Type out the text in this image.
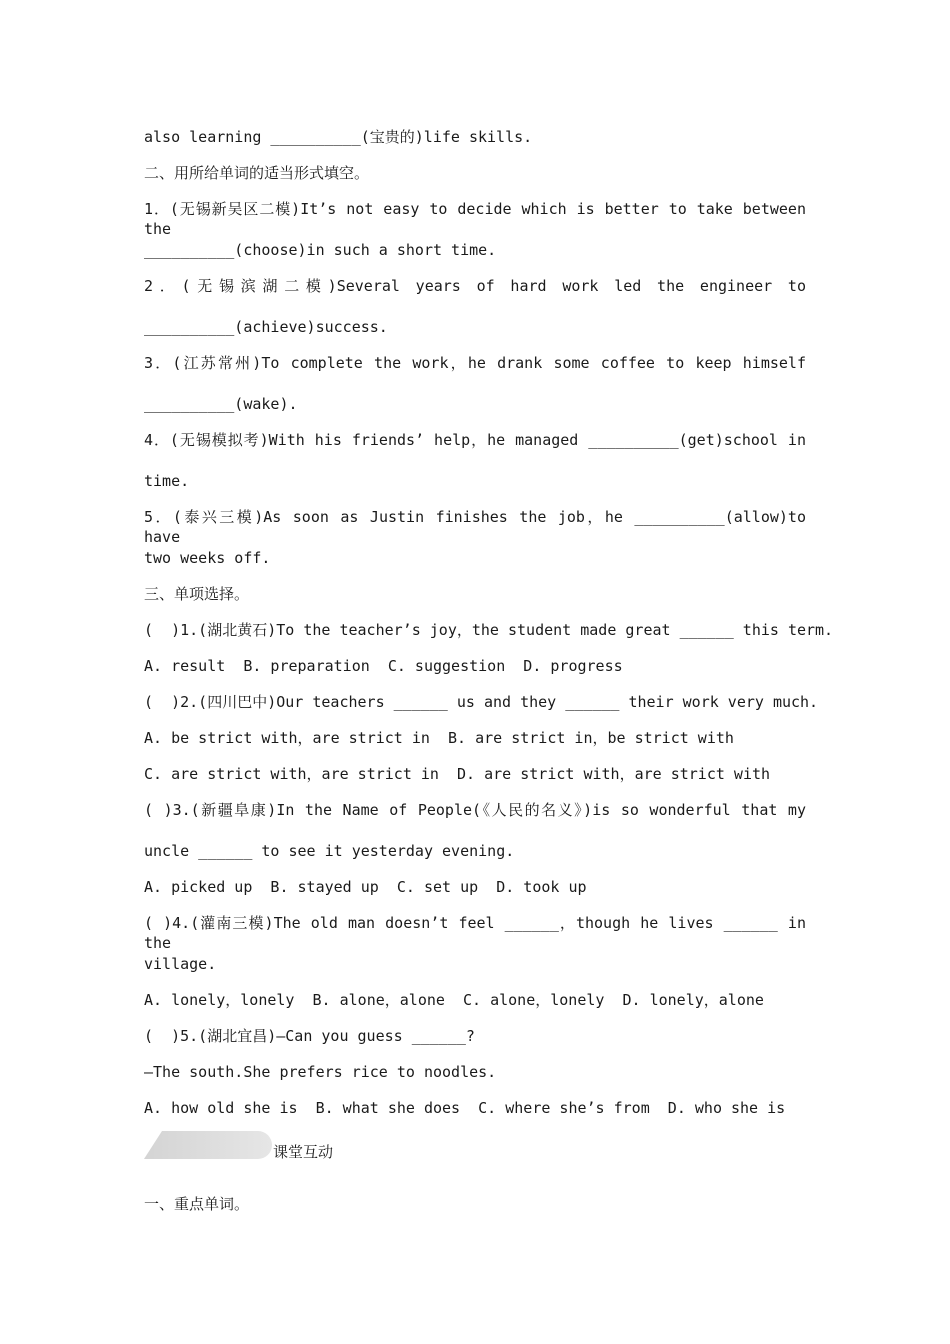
also learning __________(宝贵的)life skills.
二、用所给单词的适当形式填空。
1．(无锡新吴区二模)It’s not easy to decide which is better to take between the
__________(choose)in such a short time.
2．(无锡滨湖二模)Several years of hard work led the engineer to
__________(achieve)success.
3．(江苏常州)To complete the work，he drank some coffee to keep himself
__________(wake).
4．(无锡模拟考)With his friends’ help，he managed __________(get)school in
time.
5．(泰兴三模)As soon as Justin finishes the job，he __________(allow)to have
two weeks off.
三、单项选择。
(  )1.(湖北黄石)To the teacher’s joy，the student made great ______ this term.
A. result  B. preparation  C. suggestion  D. progress
(  )2.(四川巴中)Our teachers ______ us and they ______ their work very much.
A. be strict with，are strict in  B. are strict in，be strict with
C. are strict with，are strict in  D. are strict with，are strict with
( )3.(新疆阜康)In the Name of People(《人民的名义》)is so wonderful that my
uncle ______ to see it yesterday evening.
A. picked up  B. stayed up  C. set up  D. took up
( )4.(灌南三模)The old man doesn’t feel ______，though he lives ______ in the
village.
A. lonely，lonely  B. alone，alone  C. alone，lonely  D. lonely，alone
(  )5.(湖北宜昌)—Can you guess ______?
—The south.She prefers rice to noodles.
A. how old she is  B. what she does  C. where she’s from  D. who she is
课堂互动
一、重点单词。
